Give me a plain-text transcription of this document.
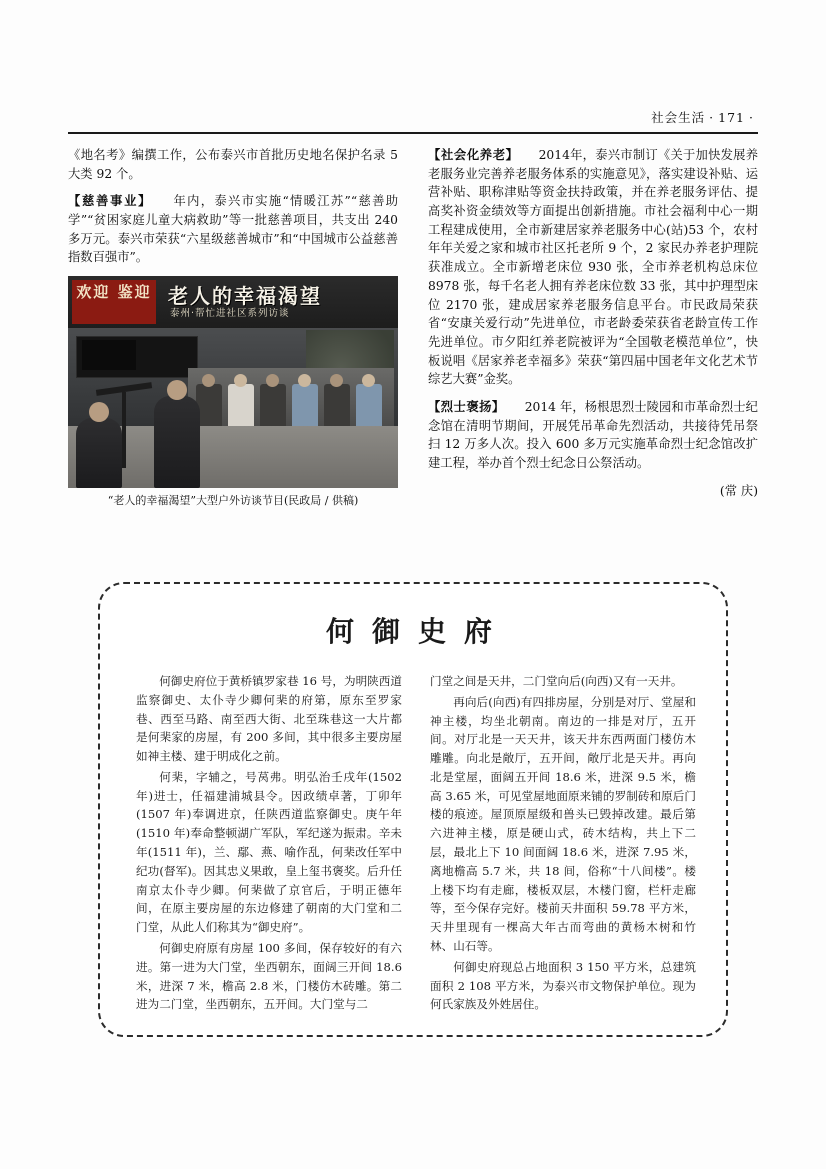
社会生活 · 171 ·

《地名考》编撰工作，公布泰兴市首批历史地名保护名录 5 大类 92 个。

【慈善事业】 年内，泰兴市实施“情暖江苏”“慈善助学”“贫困家庭儿童大病救助”等一批慈善项目，共支出 240 多万元。泰兴市荣获“六星级慈善城市”和“中国城市公益慈善指数百强市”。

欢迎 鉴迎 老人的幸福渴望
泰州·帮忙进社区系列访谈
“老人的幸福渴望”大型户外访谈节目(民政局 / 供稿)

【社会化养老】 2014年，泰兴市制订《关于加快发展养老服务业完善养老服务体系的实施意见》，落实建设补贴、运营补贴、职称津贴等资金扶持政策，并在养老服务评估、提高奖补资金绩效等方面提出创新措施。市社会福利中心一期工程建成使用，全市新建居家养老服务中心(站)53 个，农村年年关爱之家和城市社区托老所 9 个，2 家民办养老护理院获准成立。全市新增老床位 930 张，全市养老机构总床位 8978 张，每千名老人拥有养老床位数 33 张，其中护理型床位 2170 张，建成居家养老服务信息平台。市民政局荣获省“安康关爱行动”先进单位，市老龄委荣获省老龄宣传工作先进单位。市夕阳红养老院被评为“全国敬老模范单位”，快板说唱《居家养老幸福多》荣获“第四届中国老年文化艺术节综艺大赛”金奖。

【烈士褒扬】 2014 年，杨根思烈士陵园和市革命烈士纪念馆在清明节期间，开展凭吊革命先烈活动，共接待凭吊祭扫 12 万多人次。投入 600 多万元实施革命烈士纪念馆改扩建工程，举办首个烈士纪念日公祭活动。

(常 庆)
何御史府

何御史府位于黄桥镇罗家巷 16 号，为明陕西道监察御史、太仆寺少卿何棐的府第，原东至罗家巷、西至马路、南至西大街、北至珠巷这一大片都是何棐家的房屋，有 200 多间，其中很多主要房屋如神主楼、建于明成化之前。

何棐，字辅之，号莴弗。明弘治壬戌年(1502 年)进士，任福建浦城县令。因政绩卓著，丁卯年(1507 年)奉调进京，任陕西道监察御史。庚午年(1510 年)奉命整顿湖广军队，军纪遂为振肃。辛未年(1511 年)，兰、鄢、燕、喻作乱，何棐改任军中纪功(督军)。因其忠义果敢，皇上玺书褒奖。后升任南京太仆寺少卿。何棐做了京官后，于明正德年间，在原主要房屋的东边修建了朝南的大门堂和二门堂，从此人们称其为“御史府”。

何御史府原有房屋 100 多间，保存较好的有六进。第一进为大门堂，坐西朝东，面阔三开间 18.6 米，进深 7 米，檐高 2.8 米，门楼仿木砖雕。第二进为二门堂，坐西朝东，五开间。大门堂与二

门堂之间是天井，二门堂向后(向西)又有一天井。

再向后(向西)有四排房屋，分别是对厅、堂屋和神主楼，均坐北朝南。南边的一排是对厅，五开间。对厅北是一天天井，该天井东西两面门楼仿木雕雕。向北是敞厅，五开间，敞厅北是天井。再向北是堂屋，面阔五开间 18.6 米，进深 9.5 米，檐高 3.65 米，可见堂屋地面原来铺的罗制砖和原后门楼的痕迹。屋顶原屋级和兽头已毁掉改建。最后第六进神主楼，原是硬山式，砖木结构，共上下二层，最北上下 10 间面阔 18.6 米，进深 7.95 米，离地檐高 5.7 米，共 18 间，俗称“十八间楼”。楼上楼下均有走廊，楼板双层，木楼门窗，栏杆走廊等，至今保存完好。楼前天井面积 59.78 平方米，天井里现有一棵高大年古而弯曲的黄杨木树和竹林、山石等。

何御史府现总占地面积 3 150 平方米，总建筑面积 2 108 平方米，为泰兴市文物保护单位。现为何氏家族及外姓居住。
